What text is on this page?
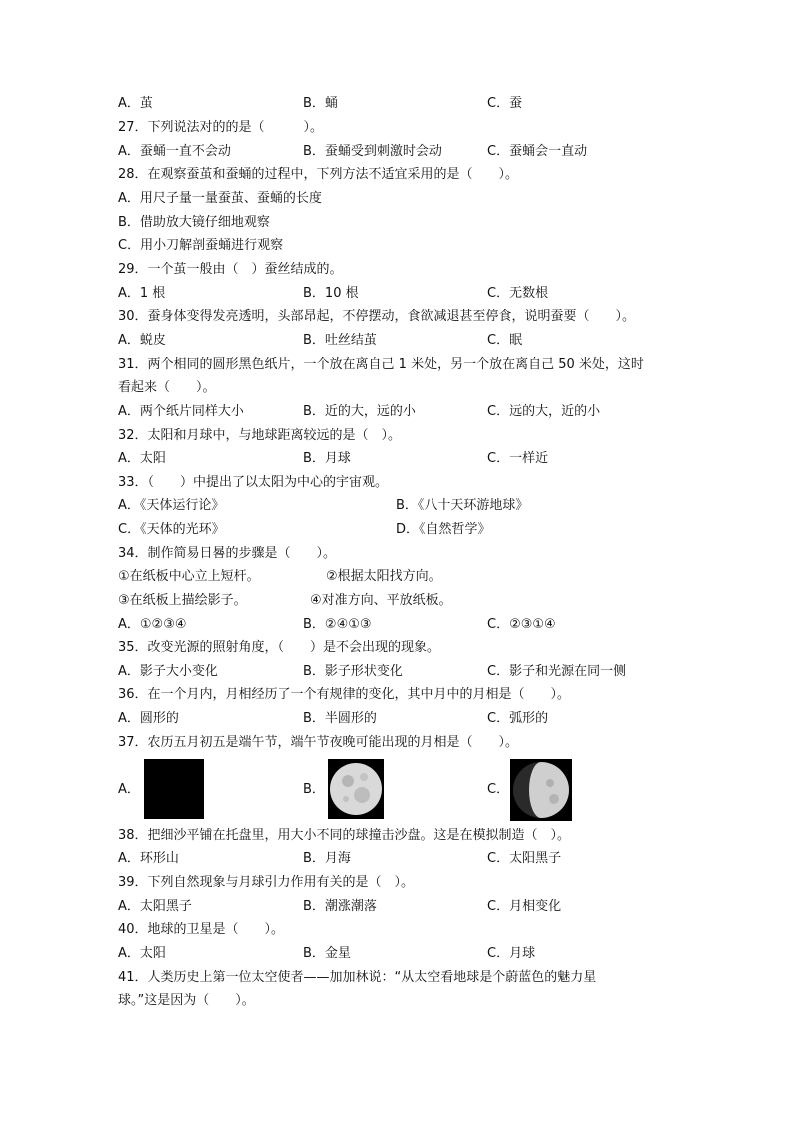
A．茧	B．蛹	C．蚕
27．下列说法对的的是（　　　）。
A．蚕蛹一直不会动	B．蚕蛹受到刺激时会动	C．蚕蛹会一直动
28．在观察蚕茧和蚕蛹的过程中，下列方法不适宜采用的是（　　）。
A．用尺子量一量蚕茧、蚕蛹的长度
B．借助放大镜仔细地观察
C．用小刀解剖蚕蛹进行观察
29．一个茧一般由（　）蚕丝结成的。
A．1 根	B．10 根	C．无数根
30．蚕身体变得发亮透明，头部昂起，不停摆动，食欲减退甚至停食，说明蚕要（　　）。
A．蜕皮	B．吐丝结茧	C．眠
31．两个相同的圆形黑色纸片，一个放在离自己 1 米处，另一个放在离自己 50 米处，这时
看起来（　　）。
A．两个纸片同样大小	B．近的大，远的小	C．远的大，近的小
32．太阳和月球中，与地球距离较远的是（　）。
A．太阳	B．月球	C．一样近
33．（　　）中提出了以太阳为中心的宇宙观。
A．《天体运行论》	B．《八十天环游地球》
C．《天体的光环》	D．《自然哲学》
34．制作简易日晷的步骤是（　　）。
①在纸板中心立上短杆。	②根据太阳找方向。
③在纸板上描绘影子。	④对准方向、平放纸板。
A．①②③④	B．②④①③	C．②③①④
35．改变光源的照射角度，（　　）是不会出现的现象。
A．影子大小变化	B．影子形状变化	C．影子和光源在同一侧
36．在一个月内，月相经历了一个有规律的变化，其中月中的月相是（　　）。
A．圆形的	B．半圆形的	C．弧形的
37．农历五月初五是端午节，端午节夜晚可能出现的月相是（　　）。
A．	B．	C．
38．把细沙平铺在托盘里，用大小不同的球撞击沙盘。这是在模拟制造（　）。
A．环形山	B．月海	C．太阳黑子
39．下列自然现象与月球引力作用有关的是（　）。
A．太阳黑子	B．潮涨潮落	C．月相变化
40．地球的卫星是（　　）。
A．太阳	B．金星	C．月球
41．人类历史上第一位太空使者——加加林说：“从太空看地球是个蔚蓝色的魅力星
球。”这是因为（　　）。
